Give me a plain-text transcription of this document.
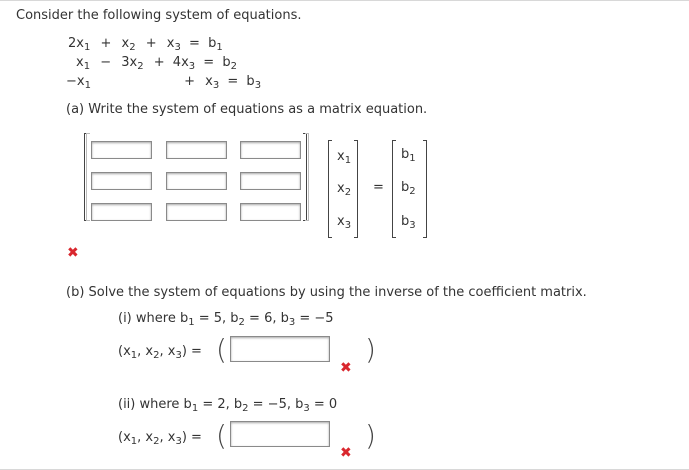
Consider the following system of equations.
$2x_1 + x_2 + x_3 = b_1$
$x_1 - 3x_2 + 4x_3 = b_2$
$-x_1$	+ $x_3 = b_3$
(a) Write the system of equations as a matrix equation.
$x_1$
$x_2$
$x_3$
=
$b_1$
$b_2$
$b_3$
✖
(b) Solve the system of equations by using the inverse of the coefficient matrix.
(i) where $b_1 = 5$, $b_2 = 6$, $b_3 = -5$
($x_1$, $x_2$, $x_3$) = (
✖
)
(ii) where $b_1 = 2$, $b_2 = -5$, $b_3 = 0$
($x_1$, $x_2$, $x_3$) = (
✖
)
